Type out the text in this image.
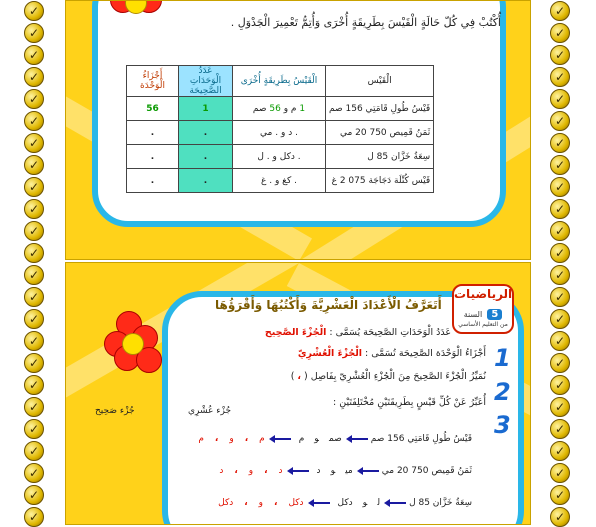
✓
✓
✓
✓
✓
✓
✓
✓
✓
✓
✓
✓
✓
✓
✓
✓
✓
✓
✓
✓
✓
✓
✓
✓
✓
✓
✓
✓
✓
✓
✓
✓
✓
✓
✓
✓
✓
✓
✓
✓
✓
✓
✓
✓
✓
✓
✓
✓
أُكْتُبْ فِي كُلّ حَالَةٍ الْقَيْسَ بِطَرِيقَةٍ أُخْرَى وَأُتِمُّ تَعْمِيرَ الْجَدْوَلِ .
الْقَيْس	الْقَيْسُ بِطَرِيقَةٍ أُخْرَى	عَدَدُ الْوَحَدَاتِ الصَّحِيحَة	أَجْزَاءُ الْوَحْدَة
قَيْسُ طُولِ قَامَتِي 156 صم	1 م و 56 صم	1	56
ثَمَنُ قَمِيص 750 20 مي	. د و . مي	.	.
سِعَةُ خَزَّان 85 ل	. دكل و . ل	.	.
قَيْس كُتْلَة دَجَاجَة 075 2 غ	. كغ و . غ	.	.
أَتَعَرَّفُ الْأَعْدَادَ الْعَشْرِيَّةَ وَأَكْتُبُهَا وَأَقْرَؤُهَا
الرياضيات
السنة 5
من التعليم الأساسي
عَدَدُ الْوَحَدَاتِ الصَّحِيحَة يُسَمَّى : الْجُزْءَ الصَّحِيح
أَجْزَاءُ الْوَحْدَة الصَّحِيحَة تُسَمَّى : الْجُزْءَ الْعُشْرِيّ
نُمَيِّزُ الْجُزْءَ الصَّحِيحَ مِنَ الْجُزْءِ الْعُشْرِيّ بِفَاصِل ( ، )
أُعَبِّرُ عَنْ كُلِّ قَيْسٍ بِطَرِيقَتَيْنِ مُخْتَلِفَتَيْنِ :
1
2
3
جُزْء عُشْرِي
جُزْء صَحِيح
قَيْسُ طُولِ قَامَتِي 156 صمصمومم،و،م
ثَمَنُ قَمِيص 750 20 ميميودد،و،د
سِعَةُ خَزَّان 85 للودكلدكل،و،دكل
